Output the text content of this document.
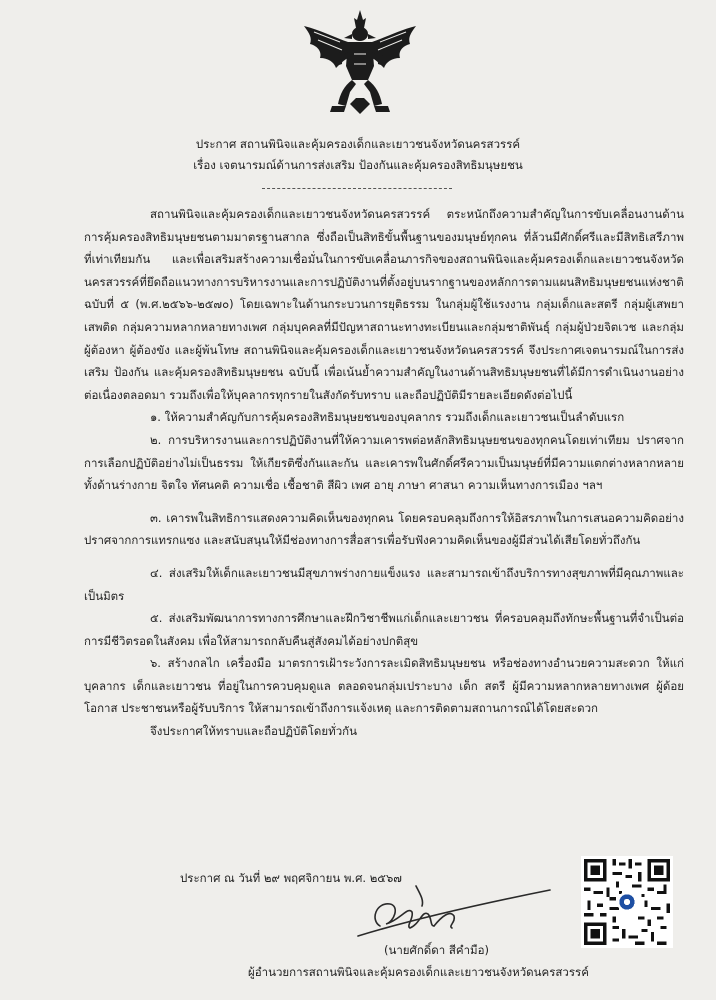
ประกาศ สถานพินิจและคุ้มครองเด็กและเยาวชนจังหวัดนครสวรรค์
เรื่อง เจตนารมณ์ด้านการส่งเสริม ป้องกันและคุ้มครองสิทธิมนุษยชน

สถานพินิจและคุ้มครองเด็กและเยาวชนจังหวัดนครสวรรค์ ตระหนักถึงความสำคัญในการขับเคลื่อนงานด้านการคุ้มครองสิทธิมนุษยชนตามมาตรฐานสากล ซึ่งถือเป็นสิทธิขั้นพื้นฐานของมนุษย์ทุกคน ที่ล้วนมีศักดิ์ศรีและมีสิทธิเสรีภาพที่เท่าเทียมกัน และเพื่อเสริมสร้างความเชื่อมั่นในการขับเคลื่อนภารกิจของสถานพินิจและคุ้มครองเด็กและเยาวชนจังหวัดนครสวรรค์ที่ยึดถือแนวทางการบริหารงานและการปฏิบัติงานที่ตั้งอยู่บนรากฐานของหลักการตามแผนสิทธิมนุษยชนแห่งชาติฉบับที่ ๕ (พ.ศ.๒๕๖๖-๒๕๗๐) โดยเฉพาะในด้านกระบวนการยุติธรรม ในกลุ่มผู้ใช้แรงงาน กลุ่มเด็กและสตรี กลุ่มผู้เสพยาเสพติด กลุ่มความหลากหลายทางเพศ กลุ่มบุคคลที่มีปัญหาสถานะทางทะเบียนและกลุ่มชาติพันธุ์ กลุ่มผู้ป่วยจิตเวช และกลุ่มผู้ต้องหา ผู้ต้องขัง และผู้พ้นโทษ สถานพินิจและคุ้มครองเด็กและเยาวชนจังหวัดนครสวรรค์ จึงประกาศเจตนารมณ์ในการส่งเสริม ป้องกัน และคุ้มครองสิทธิมนุษยชน ฉบับนี้ เพื่อเน้นย้ำความสำคัญในงานด้านสิทธิมนุษยชนที่ได้มีการดำเนินงานอย่างต่อเนื่องตลอดมา รวมถึงเพื่อให้บุคลากรทุกรายในสังกัดรับทราบ และถือปฏิบัติมีรายละเอียดดังต่อไปนี้

๑. ให้ความสำคัญกับการคุ้มครองสิทธิมนุษยชนของบุคลากร รวมถึงเด็กและเยาวชนเป็นลำดับแรก

๒. การบริหารงานและการปฏิบัติงานที่ให้ความเคารพต่อหลักสิทธิมนุษยชนของทุกคนโดยเท่าเทียม ปราศจากการเลือกปฏิบัติอย่างไม่เป็นธรรม ให้เกียรติซึ่งกันและกัน และเคารพในศักดิ์ศรีความเป็นมนุษย์ที่มีความแตกต่างหลากหลาย ทั้งด้านร่างกาย จิตใจ ทัศนคติ ความเชื่อ เชื้อชาติ สีผิว เพศ อายุ ภาษา ศาสนา ความเห็นทางการเมือง ฯลฯ

๓. เคารพในสิทธิการแสดงความคิดเห็นของทุกคน โดยครอบคลุมถึงการให้อิสรภาพในการเสนอความคิดอย่างปราศจากการแทรกแซง และสนับสนุนให้มีช่องทางการสื่อสารเพื่อรับฟังความคิดเห็นของผู้มีส่วนได้เสียโดยทั่วถึงกัน

๔. ส่งเสริมให้เด็กและเยาวชนมีสุขภาพร่างกายแข็งแรง และสามารถเข้าถึงบริการทางสุขภาพที่มีคุณภาพและเป็นมิตร

๕. ส่งเสริมพัฒนาการทางการศึกษาและฝึกวิชาชีพแก่เด็กและเยาวชน ที่ครอบคลุมถึงทักษะพื้นฐานที่จำเป็นต่อการมีชีวิตรอดในสังคม เพื่อให้สามารถกลับคืนสู่สังคมได้อย่างปกติสุข

๖. สร้างกลไก เครื่องมือ มาตรการเฝ้าระวังการละเมิดสิทธิมนุษยชน หรือช่องทางอำนวยความสะดวก ให้แก่ บุคลากร เด็กและเยาวชน ที่อยู่ในการควบคุมดูแล ตลอดจนกลุ่มเปราะบาง เด็ก สตรี ผู้มีความหลากหลายทางเพศ ผู้ด้อยโอกาส ประชาชนหรือผู้รับบริการ ให้สามารถเข้าถึงการแจ้งเหตุ และการติดตามสถานการณ์ได้โดยสะดวก

จึงประกาศให้ทราบและถือปฏิบัติโดยทั่วกัน

ประกาศ ณ วันที่ ๒๙ พฤศจิกายน พ.ศ. ๒๕๖๗
(นายศักดิ์ดา สีคำมือ)
ผู้อำนวยการสถานพินิจและคุ้มครองเด็กและเยาวชนจังหวัดนครสวรรค์
